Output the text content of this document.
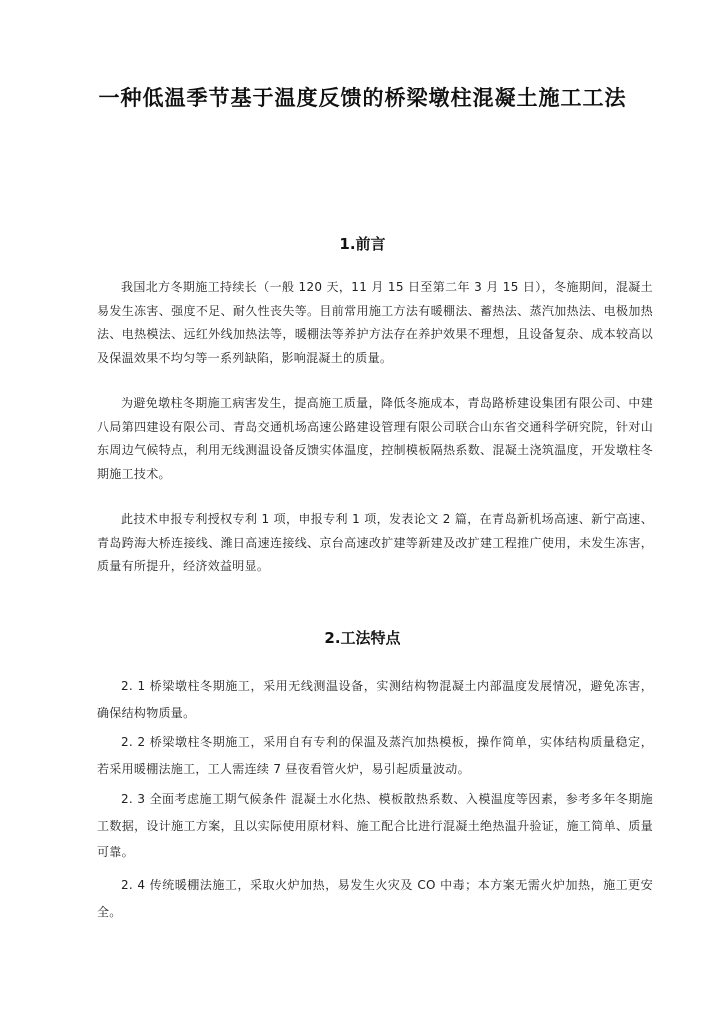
一种低温季节基于温度反馈的桥梁墩柱混凝土施工工法
1.前言

我国北方冬期施工持续长（一般 120 天，11 月 15 日至第二年 3 月 15 日），冬施期间，混凝土易发生冻害、强度不足、耐久性丧失等。目前常用施工方法有暖棚法、蓄热法、蒸汽加热法、电极加热法、电热模法、远红外线加热法等，暖棚法等养护方法存在养护效果不理想，且设备复杂、成本较高以及保温效果不均匀等一系列缺陷，影响混凝土的质量。

为避免墩柱冬期施工病害发生，提高施工质量，降低冬施成本，青岛路桥建设集团有限公司、中建八局第四建设有限公司、青岛交通机场高速公路建设管理有限公司联合山东省交通科学研究院，针对山东周边气候特点，利用无线测温设备反馈实体温度，控制模板隔热系数、混凝土浇筑温度，开发墩柱冬期施工技术。

此技术申报专利授权专利 1 项，申报专利 1 项，发表论文 2 篇，在青岛新机场高速、新宁高速、青岛跨海大桥连接线、潍日高速连接线、京台高速改扩建等新建及改扩建工程推广使用，未发生冻害，质量有所提升，经济效益明显。

2.工法特点

2. 1 桥梁墩柱冬期施工，采用无线测温设备，实测结构物混凝土内部温度发展情况，避免冻害，确保结构物质量。

2. 2 桥梁墩柱冬期施工，采用自有专利的保温及蒸汽加热模板，操作简单，实体结构质量稳定，若采用暖棚法施工，工人需连续 7 昼夜看管火炉，易引起质量波动。

2. 3 全面考虑施工期气候条件 混凝土水化热、模板散热系数、入模温度等因素，参考多年冬期施工数据，设计施工方案，且以实际使用原材料、施工配合比进行混凝土绝热温升验证，施工简单、质量可靠。

2. 4 传统暖棚法施工，采取火炉加热，易发生火灾及 CO 中毒；本方案无需火炉加热，施工更安全。
